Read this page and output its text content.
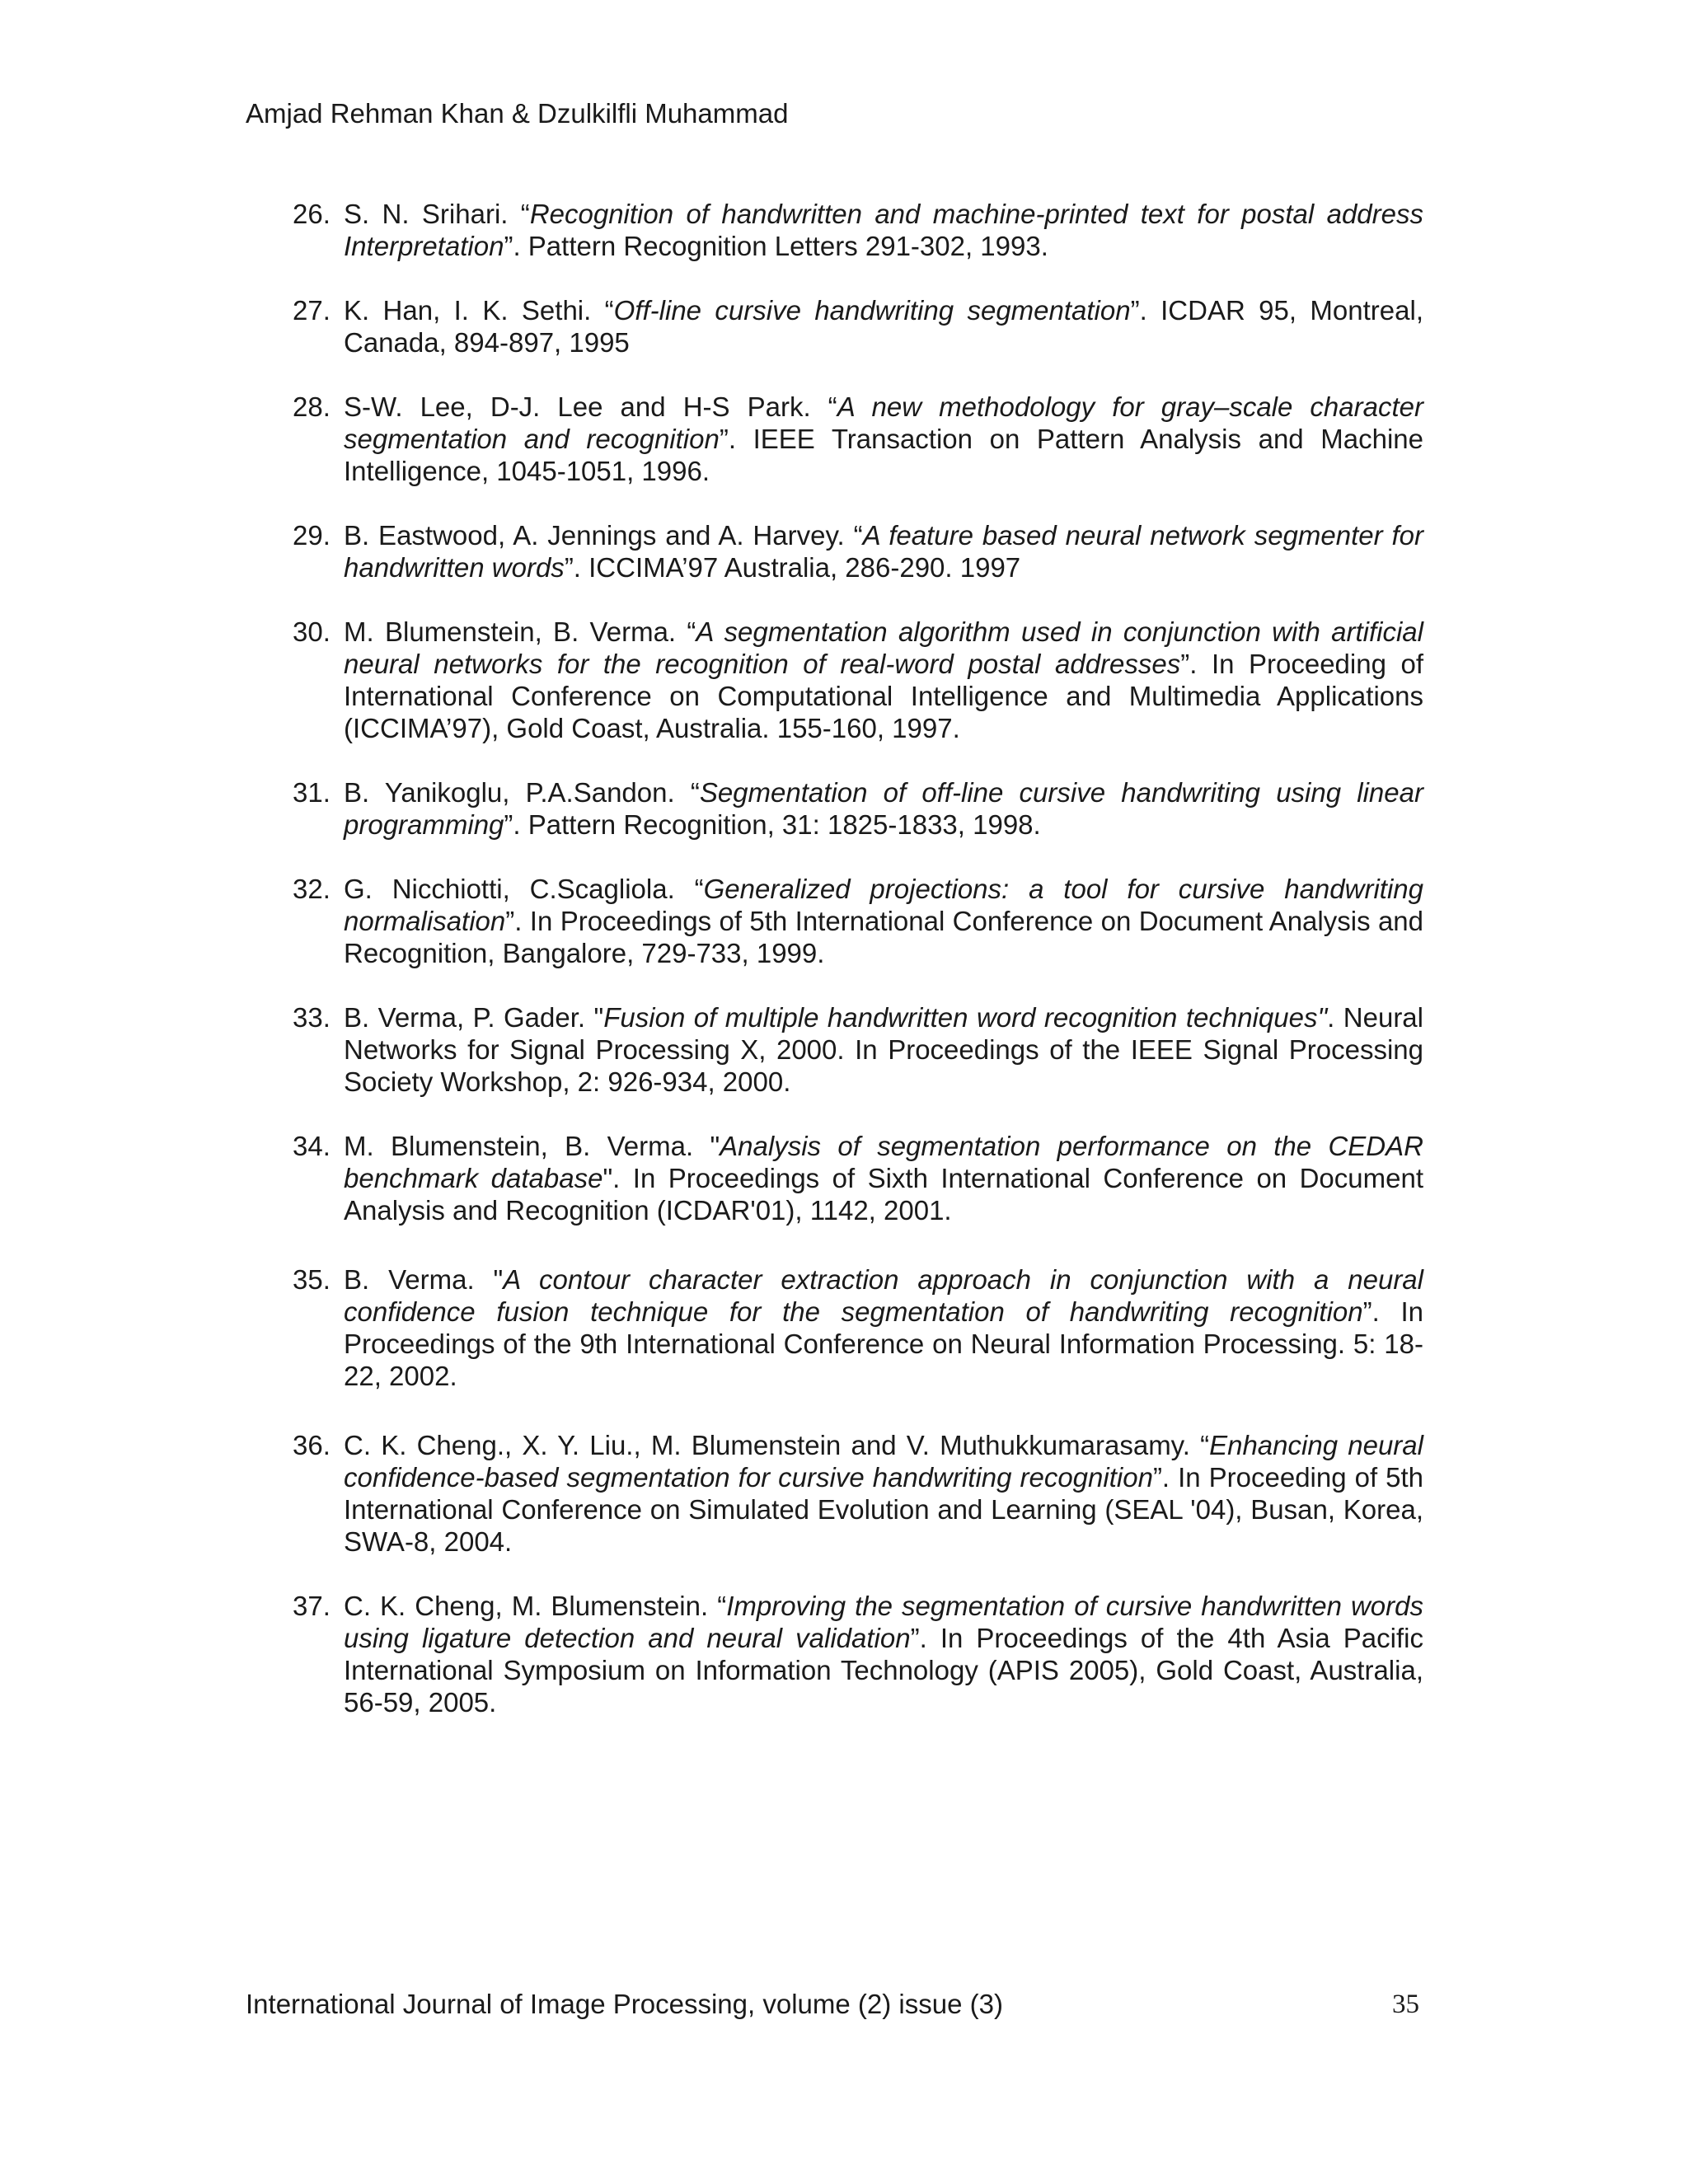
Amjad Rehman Khan & Dzulkilfli Muhammad
26. S. N. Srihari. “Recognition of handwritten and machine-printed text for postal address Interpretation”. Pattern Recognition Letters 291-302, 1993.
27. K. Han, I. K. Sethi. “Off-line cursive handwriting segmentation”. ICDAR 95, Montreal, Canada, 894-897, 1995
28. S-W. Lee, D-J. Lee and H-S Park. “A new methodology for gray–scale character segmentation and recognition”. IEEE Transaction on Pattern Analysis and Machine Intelligence, 1045-1051, 1996.
29. B. Eastwood, A. Jennings and A. Harvey. “A feature based neural network segmenter for handwritten words”. ICCIMA’97 Australia, 286-290. 1997
30. M. Blumenstein, B. Verma. “A segmentation algorithm used in conjunction with artificial neural networks for the recognition of real-word postal addresses”. In Proceeding of International Conference on Computational Intelligence and Multimedia Applications (ICCIMA’97), Gold Coast, Australia. 155-160, 1997.
31. B. Yanikoglu, P.A.Sandon. “Segmentation of off-line cursive handwriting using linear programming”. Pattern Recognition, 31: 1825-1833, 1998.
32. G. Nicchiotti, C.Scagliola. “Generalized projections: a tool for cursive handwriting normalisation”. In Proceedings of 5th International Conference on Document Analysis and Recognition, Bangalore, 729-733, 1999.
33. B. Verma, P. Gader. "Fusion of multiple handwritten word recognition techniques". Neural Networks for Signal Processing X, 2000. In Proceedings of the IEEE Signal Processing Society Workshop, 2: 926-934, 2000.
34. M. Blumenstein, B. Verma. "Analysis of segmentation performance on the CEDAR benchmark database". In Proceedings of Sixth International Conference on Document Analysis and Recognition (ICDAR'01), 1142, 2001.
35. B. Verma. "A contour character extraction approach in conjunction with a neural confidence fusion technique for the segmentation of handwriting recognition”. In Proceedings of the 9th International Conference on Neural Information Processing. 5: 18-22, 2002.
36. C. K. Cheng., X. Y. Liu., M. Blumenstein and V. Muthukkumarasamy. “Enhancing neural confidence-based segmentation for cursive handwriting recognition”. In Proceeding of 5th International Conference on Simulated Evolution and Learning (SEAL '04), Busan, Korea, SWA-8, 2004.
37. C. K. Cheng, M. Blumenstein. “Improving the segmentation of cursive handwritten words using ligature detection and neural validation”. In Proceedings of the 4th Asia Pacific International Symposium on Information Technology (APIS 2005), Gold Coast, Australia, 56-59, 2005.
International Journal of Image Processing, volume (2) issue (3)	35
